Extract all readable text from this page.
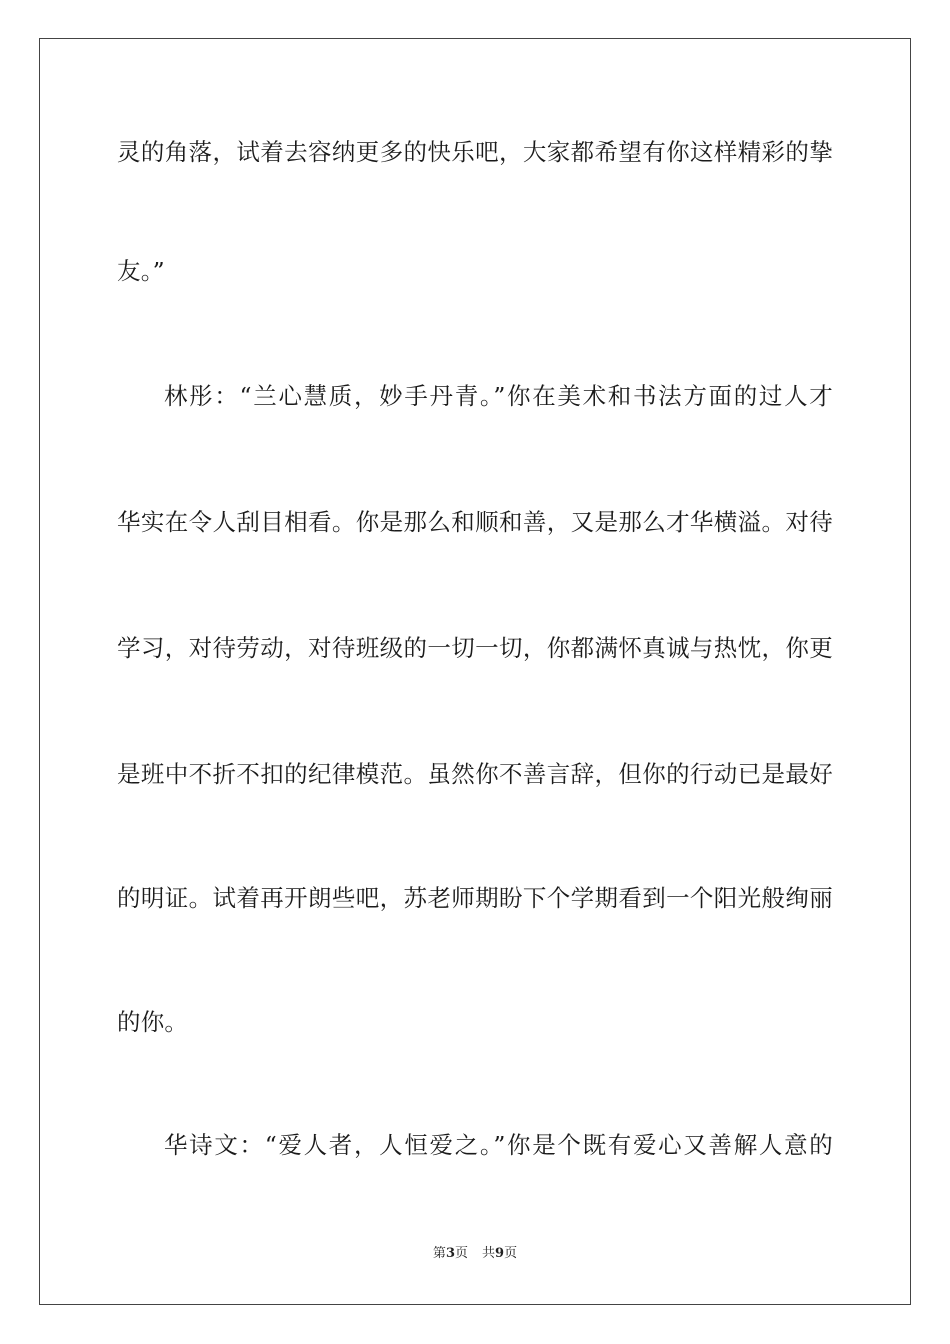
灵的角落，试着去容纳更多的快乐吧，大家都希望有你这样精彩的挚
友。”
林彤：“兰心慧质，妙手丹青。”你在美术和书法方面的过人才
华实在令人刮目相看。你是那么和顺和善，又是那么才华横溢。对待
学习，对待劳动，对待班级的一切一切，你都满怀真诚与热忱，你更
是班中不折不扣的纪律模范。虽然你不善言辞，但你的行动已是最好
的明证。试着再开朗些吧，苏老师期盼下个学期看到一个阳光般绚丽
的你。
华诗文：“爱人者，人恒爱之。”你是个既有爱心又善解人意的
第3页 共9页
